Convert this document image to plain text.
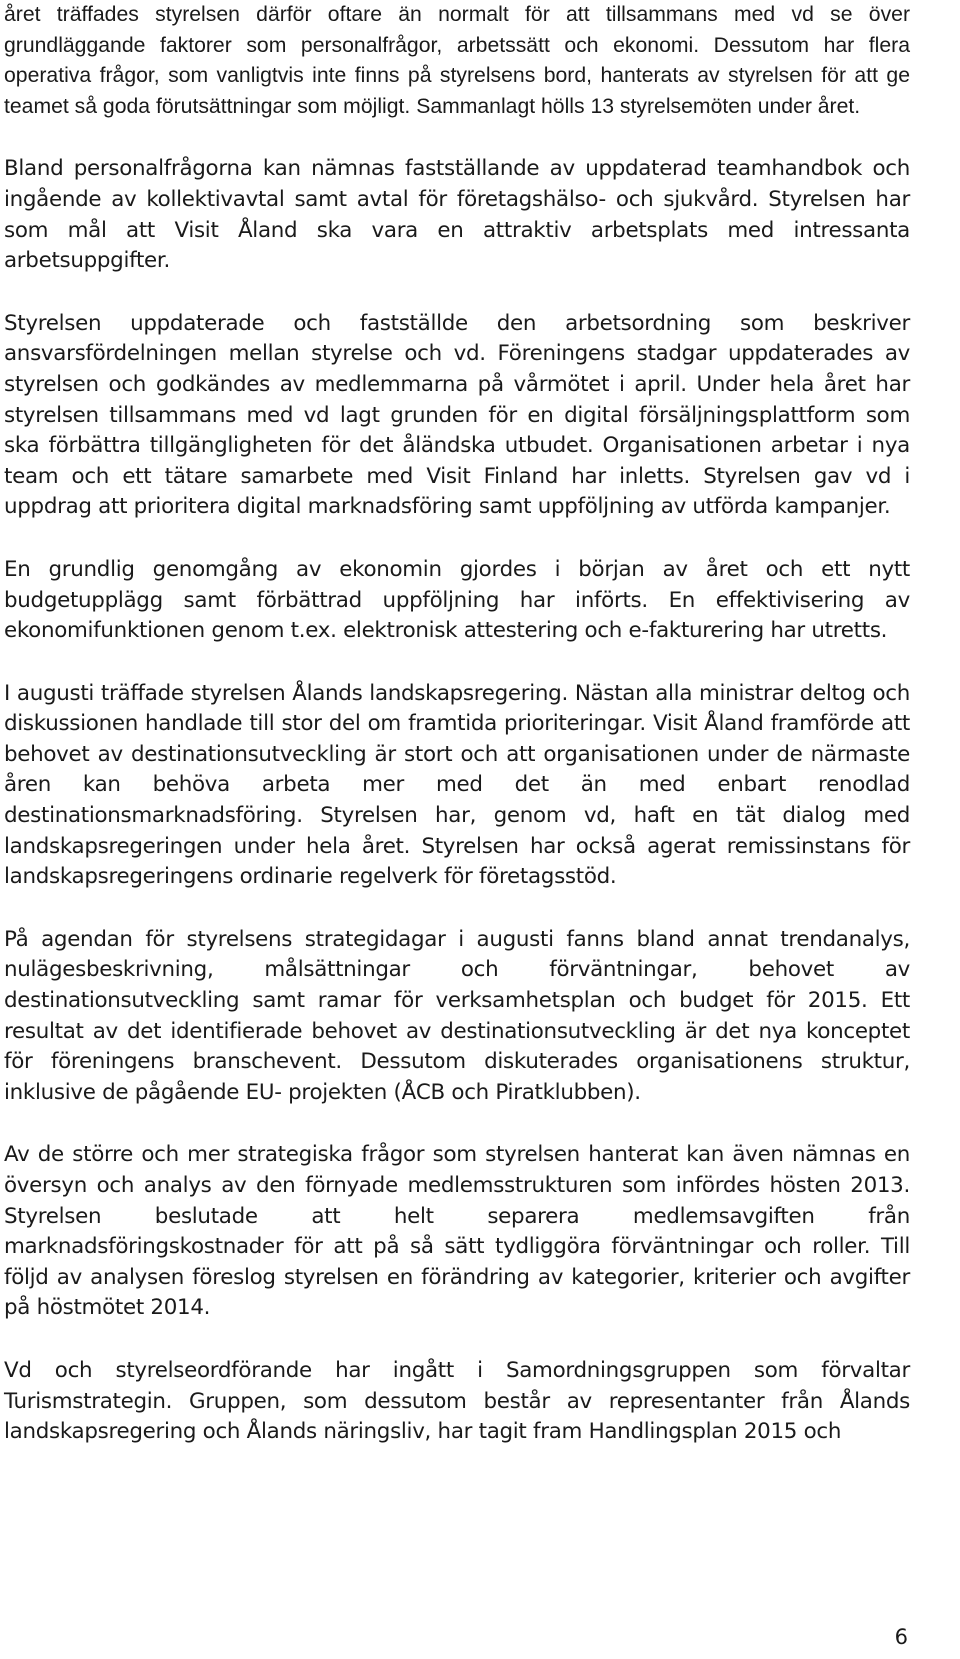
året träffades styrelsen därför oftare än normalt för att tillsammans med vd se över grundläggande faktorer som personalfrågor, arbetssätt och ekonomi. Dessutom har flera operativa frågor, som vanligtvis inte finns på styrelsens bord, hanterats av styrelsen för att ge teamet så goda förutsättningar som möjligt. Sammanlagt hölls 13 styrelsemöten under året.

Bland personalfrågorna kan nämnas fastställande av uppdaterad teamhandbok och ingående av kollektivavtal samt avtal för företagshälso- och sjukvård. Styrelsen har som mål att Visit Åland ska vara en attraktiv arbetsplats med intressanta arbetsuppgifter.

Styrelsen uppdaterade och fastställde den arbetsordning som beskriver ansvarsfördelningen mellan styrelse och vd. Föreningens stadgar uppdaterades av styrelsen och godkändes av medlemmarna på vårmötet i april. Under hela året har styrelsen tillsammans med vd lagt grunden för en digital försäljningsplattform som ska förbättra tillgängligheten för det åländska utbudet. Organisationen arbetar i nya team och ett tätare samarbete med Visit Finland har inletts. Styrelsen gav vd i uppdrag att prioritera digital marknadsföring samt uppföljning av utförda kampanjer.

En grundlig genomgång av ekonomin gjordes i början av året och ett nytt budgetupplägg samt förbättrad uppföljning har införts. En effektivisering av ekonomifunktionen genom t.ex. elektronisk attestering och e-fakturering har utretts.

I augusti träffade styrelsen Ålands landskapsregering. Nästan alla ministrar deltog och diskussionen handlade till stor del om framtida prioriteringar. Visit Åland framförde att behovet av destinationsutveckling är stort och att organisationen under de närmaste åren kan behöva arbeta mer med det än med enbart renodlad destinationsmarknadsföring. Styrelsen har, genom vd, haft en tät dialog med landskapsregeringen under hela året. Styrelsen har också agerat remissinstans för landskapsregeringens ordinarie regelverk för företagsstöd.

På agendan för styrelsens strategidagar i augusti fanns bland annat trendanalys, nulägesbeskrivning, målsättningar och förväntningar, behovet av destinationsutveckling samt ramar för verksamhetsplan och budget för 2015. Ett resultat av det identifierade behovet av destinationsutveckling är det nya konceptet för föreningens branschevent. Dessutom diskuterades organisationens struktur, inklusive de pågående EU- projekten (ÅCB och Piratklubben).

Av de större och mer strategiska frågor som styrelsen hanterat kan även nämnas en översyn och analys av den förnyade medlemsstrukturen som infördes hösten 2013. Styrelsen beslutade att helt separera medlemsavgiften från marknadsföringskostnader för att på så sätt tydliggöra förväntningar och roller. Till följd av analysen föreslog styrelsen en förändring av kategorier, kriterier och avgifter på höstmötet 2014.

Vd och styrelseordförande har ingått i Samordningsgruppen som förvaltar Turismstrategin. Gruppen, som dessutom består av representanter från Ålands landskapsregering och Ålands näringsliv, har tagit fram Handlingsplan 2015 och

6
